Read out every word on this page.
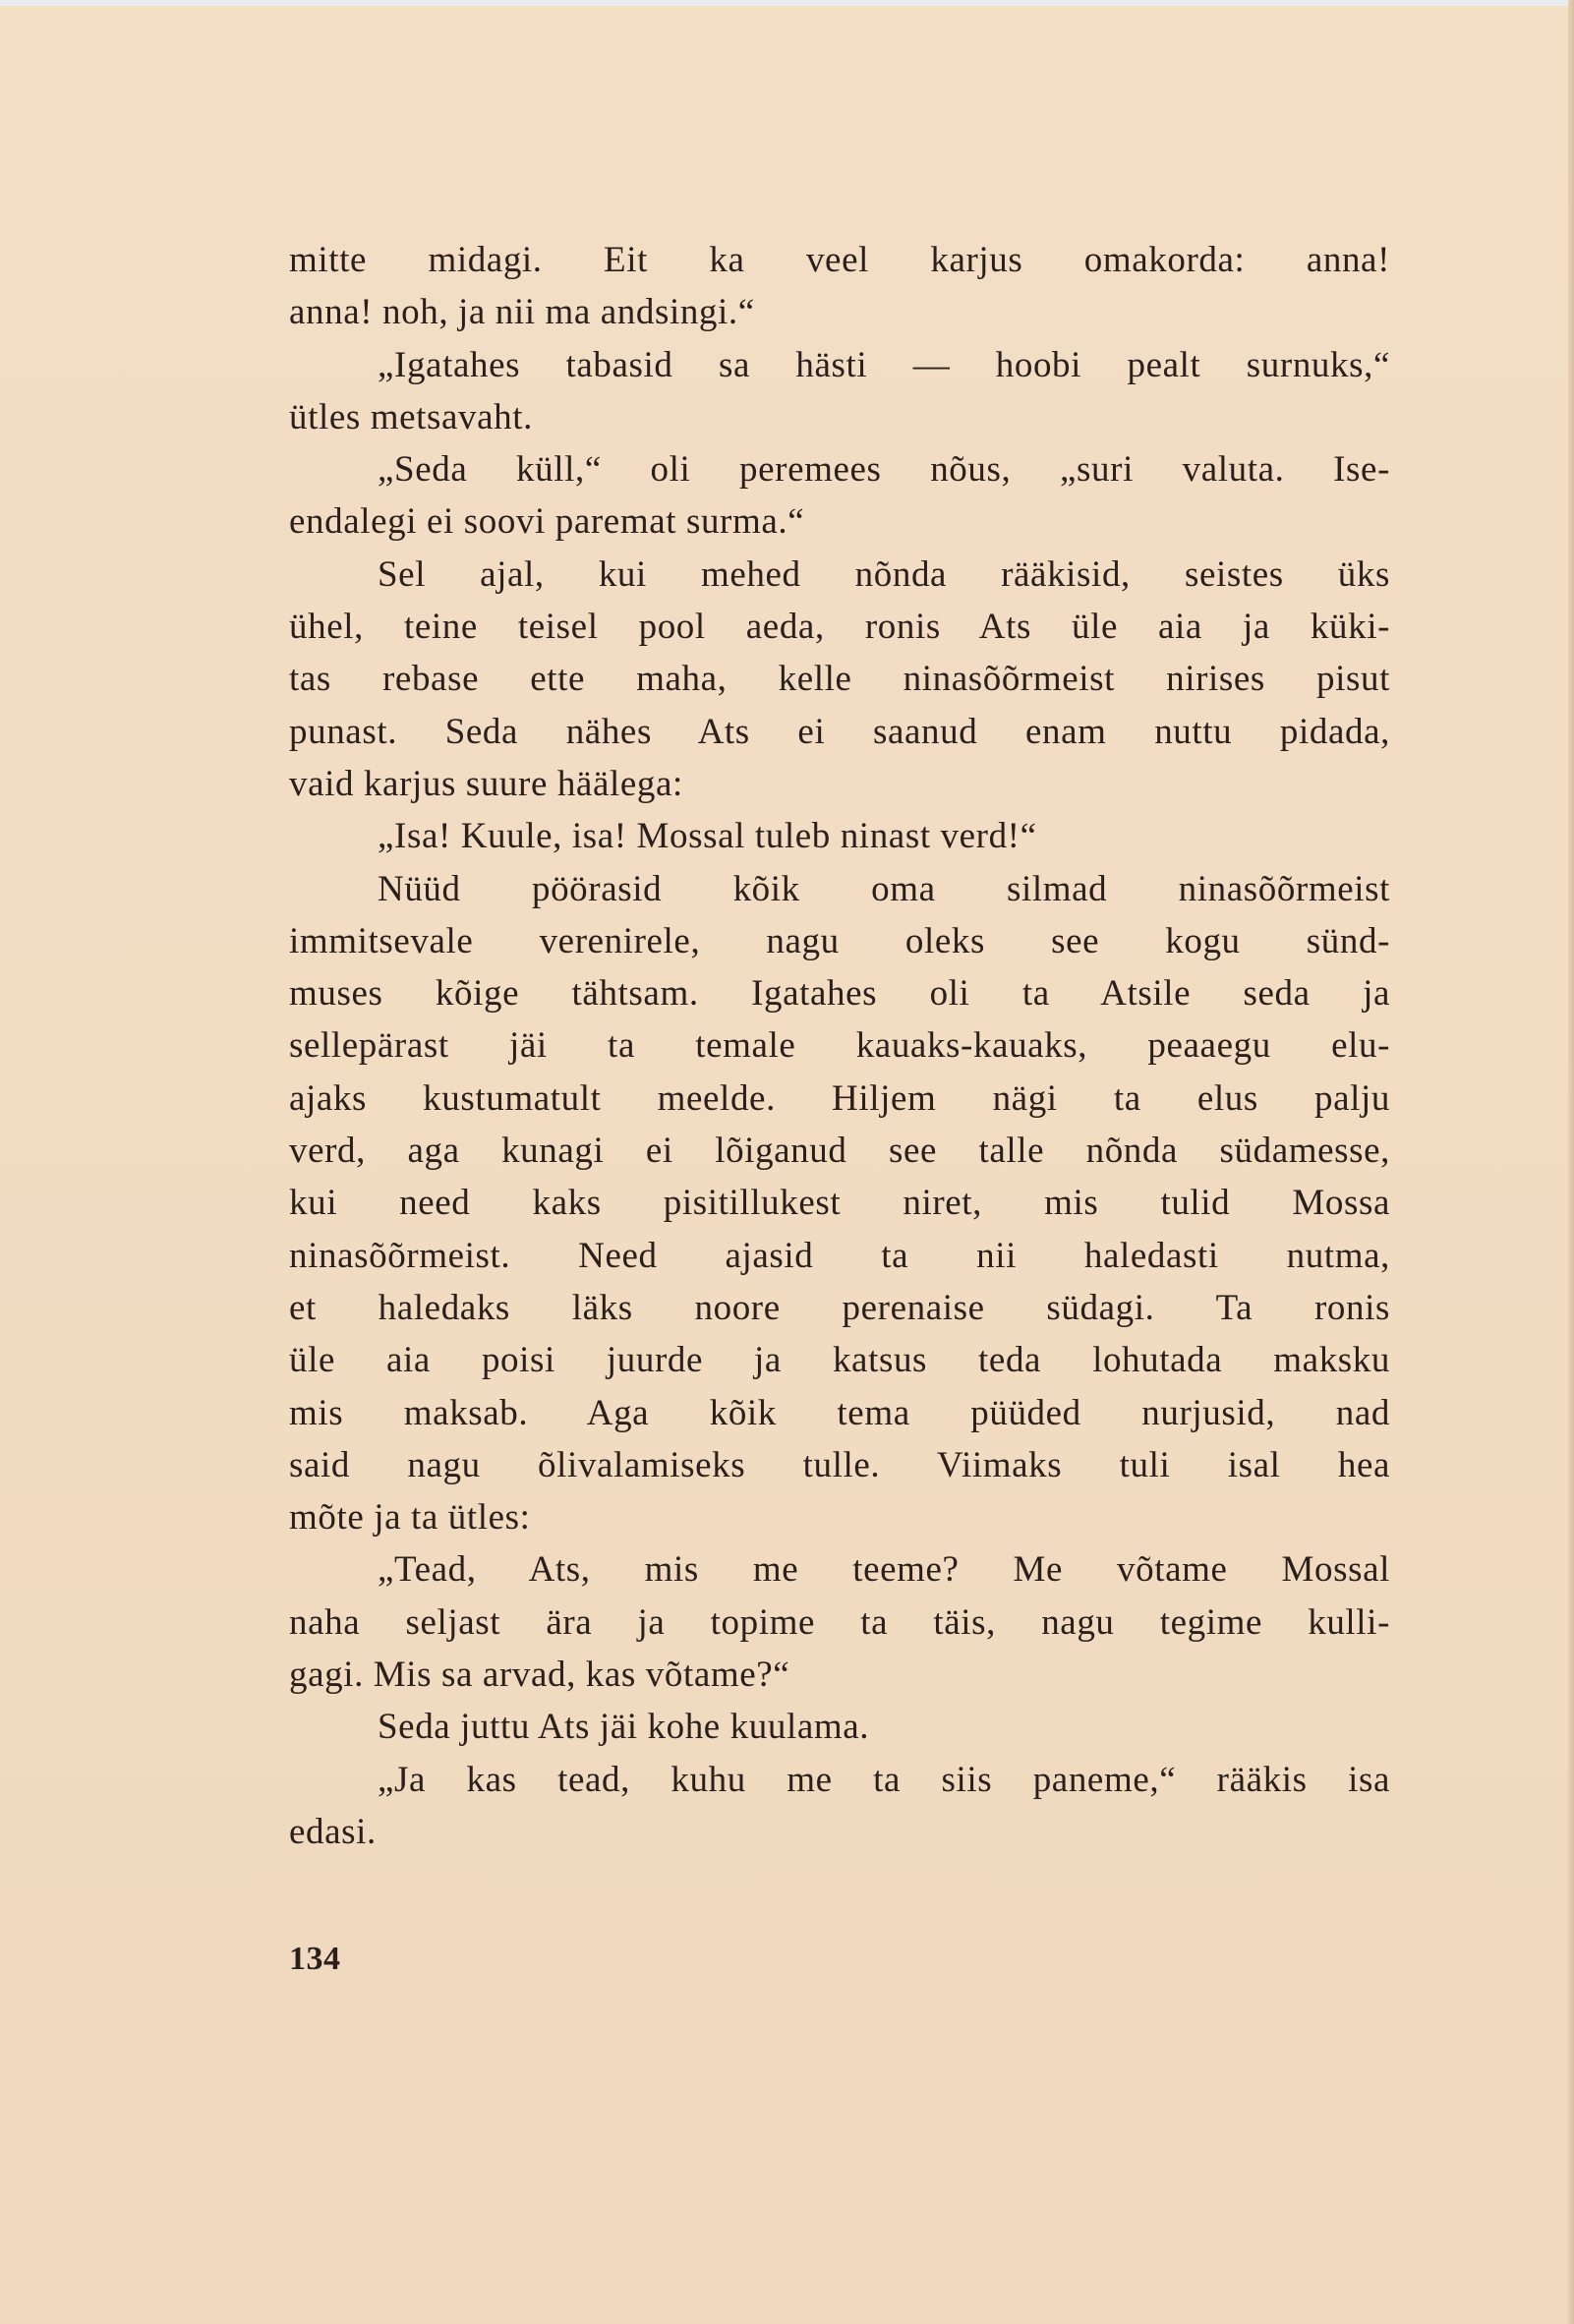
mitte midagi. Eit ka veel karjus omakorda: anna!
anna! noh, ja nii ma andsingi.“
„Igatahes tabasid sa hästi — hoobi pealt surnuks,“
ütles metsavaht.
„Seda küll,“ oli peremees nõus, „suri valuta. Ise-
endalegi ei soovi paremat surma.“
Sel ajal, kui mehed nõnda rääkisid, seistes üks
ühel, teine teisel pool aeda, ronis Ats üle aia ja küki-
tas rebase ette maha, kelle ninasõõrmeist nirises pisut
punast. Seda nähes Ats ei saanud enam nuttu pidada,
vaid karjus suure häälega:
„Isa! Kuule, isa! Mossal tuleb ninast verd!“
Nüüd pöörasid kõik oma silmad ninasõõrmeist
immitsevale verenirele, nagu oleks see kogu sünd-
muses kõige tähtsam. Igatahes oli ta Atsile seda ja
sellepärast jäi ta temale kauaks-kauaks, peaaegu elu-
ajaks kustumatult meelde. Hiljem nägi ta elus palju
verd, aga kunagi ei lõiganud see talle nõnda südamesse,
kui need kaks pisitillukest niret, mis tulid Mossa
ninasõõrmeist. Need ajasid ta nii haledasti nutma,
et haledaks läks noore perenaise südagi. Ta ronis
üle aia poisi juurde ja katsus teda lohutada maksku
mis maksab. Aga kõik tema püüded nurjusid, nad
said nagu õlivalamiseks tulle. Viimaks tuli isal hea
mõte ja ta ütles:
„Tead, Ats, mis me teeme? Me võtame Mossal
naha seljast ära ja topime ta täis, nagu tegime kulli-
gagi. Mis sa arvad, kas võtame?“
Seda juttu Ats jäi kohe kuulama.
„Ja kas tead, kuhu me ta siis paneme,“ rääkis isa
edasi.
134
